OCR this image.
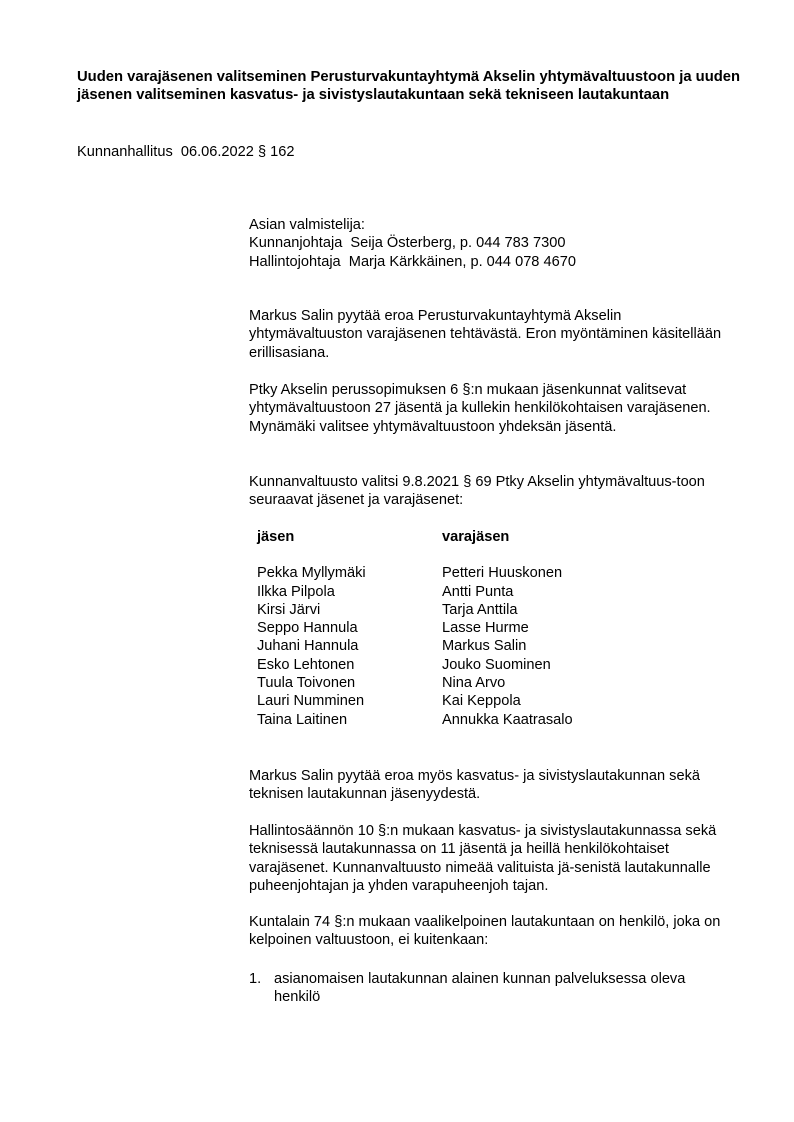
Uuden varajäsenen valitseminen Perusturvakuntayhtymä Akselin yhtymävaltuustoon ja uuden jäsenen valitseminen kasvatus- ja sivistyslautakuntaan sekä tekniseen lautakuntaan
Kunnanhallitus  06.06.2022 § 162

Asian valmistelija:

Kunnanjohtaja  Seija Österberg, p. 044 783 7300

Hallintojohtaja  Marja Kärkkäinen, p. 044 078 4670

Markus Salin pyytää eroa Perusturvakuntayhtymä Akselin yhtymävaltuuston varajäsenen tehtävästä. Eron myöntäminen käsitellään erillisasiana.

Ptky Akselin perussopimuksen 6 §:n mukaan jäsenkunnat valitsevat yhtymävaltuustoon 27 jäsentä ja kullekin henkilökohtaisen varajäsenen. Mynämäki valitsee yhtymävaltuustoon yhdeksän jäsentä.

Kunnanvaltuusto valitsi 9.8.2021 § 69 Ptky Akselin yhtymävaltuus-toon seuraavat jäsenet ja varajäsenet:

jäsen	varajäsen
Pekka Myllymäki	Petteri Huuskonen
Ilkka Pilpola	Antti Punta
Kirsi Järvi	Tarja Anttila
Seppo Hannula	Lasse Hurme
Juhani Hannula	Markus Salin
Esko Lehtonen	Jouko Suominen
Tuula Toivonen	Nina Arvo
Lauri Numminen	Kai Keppola
Taina Laitinen	Annukka Kaatrasalo

Markus Salin pyytää eroa myös kasvatus- ja sivistyslautakunnan sekä teknisen lautakunnan jäsenyydestä.

Hallintosäännön 10 §:n mukaan kasvatus- ja sivistyslautakunnassa sekä teknisessä lautakunnassa on 11 jäsentä ja heillä henkilökohtaiset varajäsenet. Kunnanvaltuusto nimeää valituista jä-senistä lautakunnalle puheenjohtajan ja yhden varapuheenjoh tajan.

Kuntalain 74 §:n mukaan vaalikelpoinen lautakuntaan on henkilö, joka on kelpoinen valtuustoon, ei kuitenkaan:

1. asianomaisen lautakunnan alainen kunnan palveluksessa oleva henkilö
